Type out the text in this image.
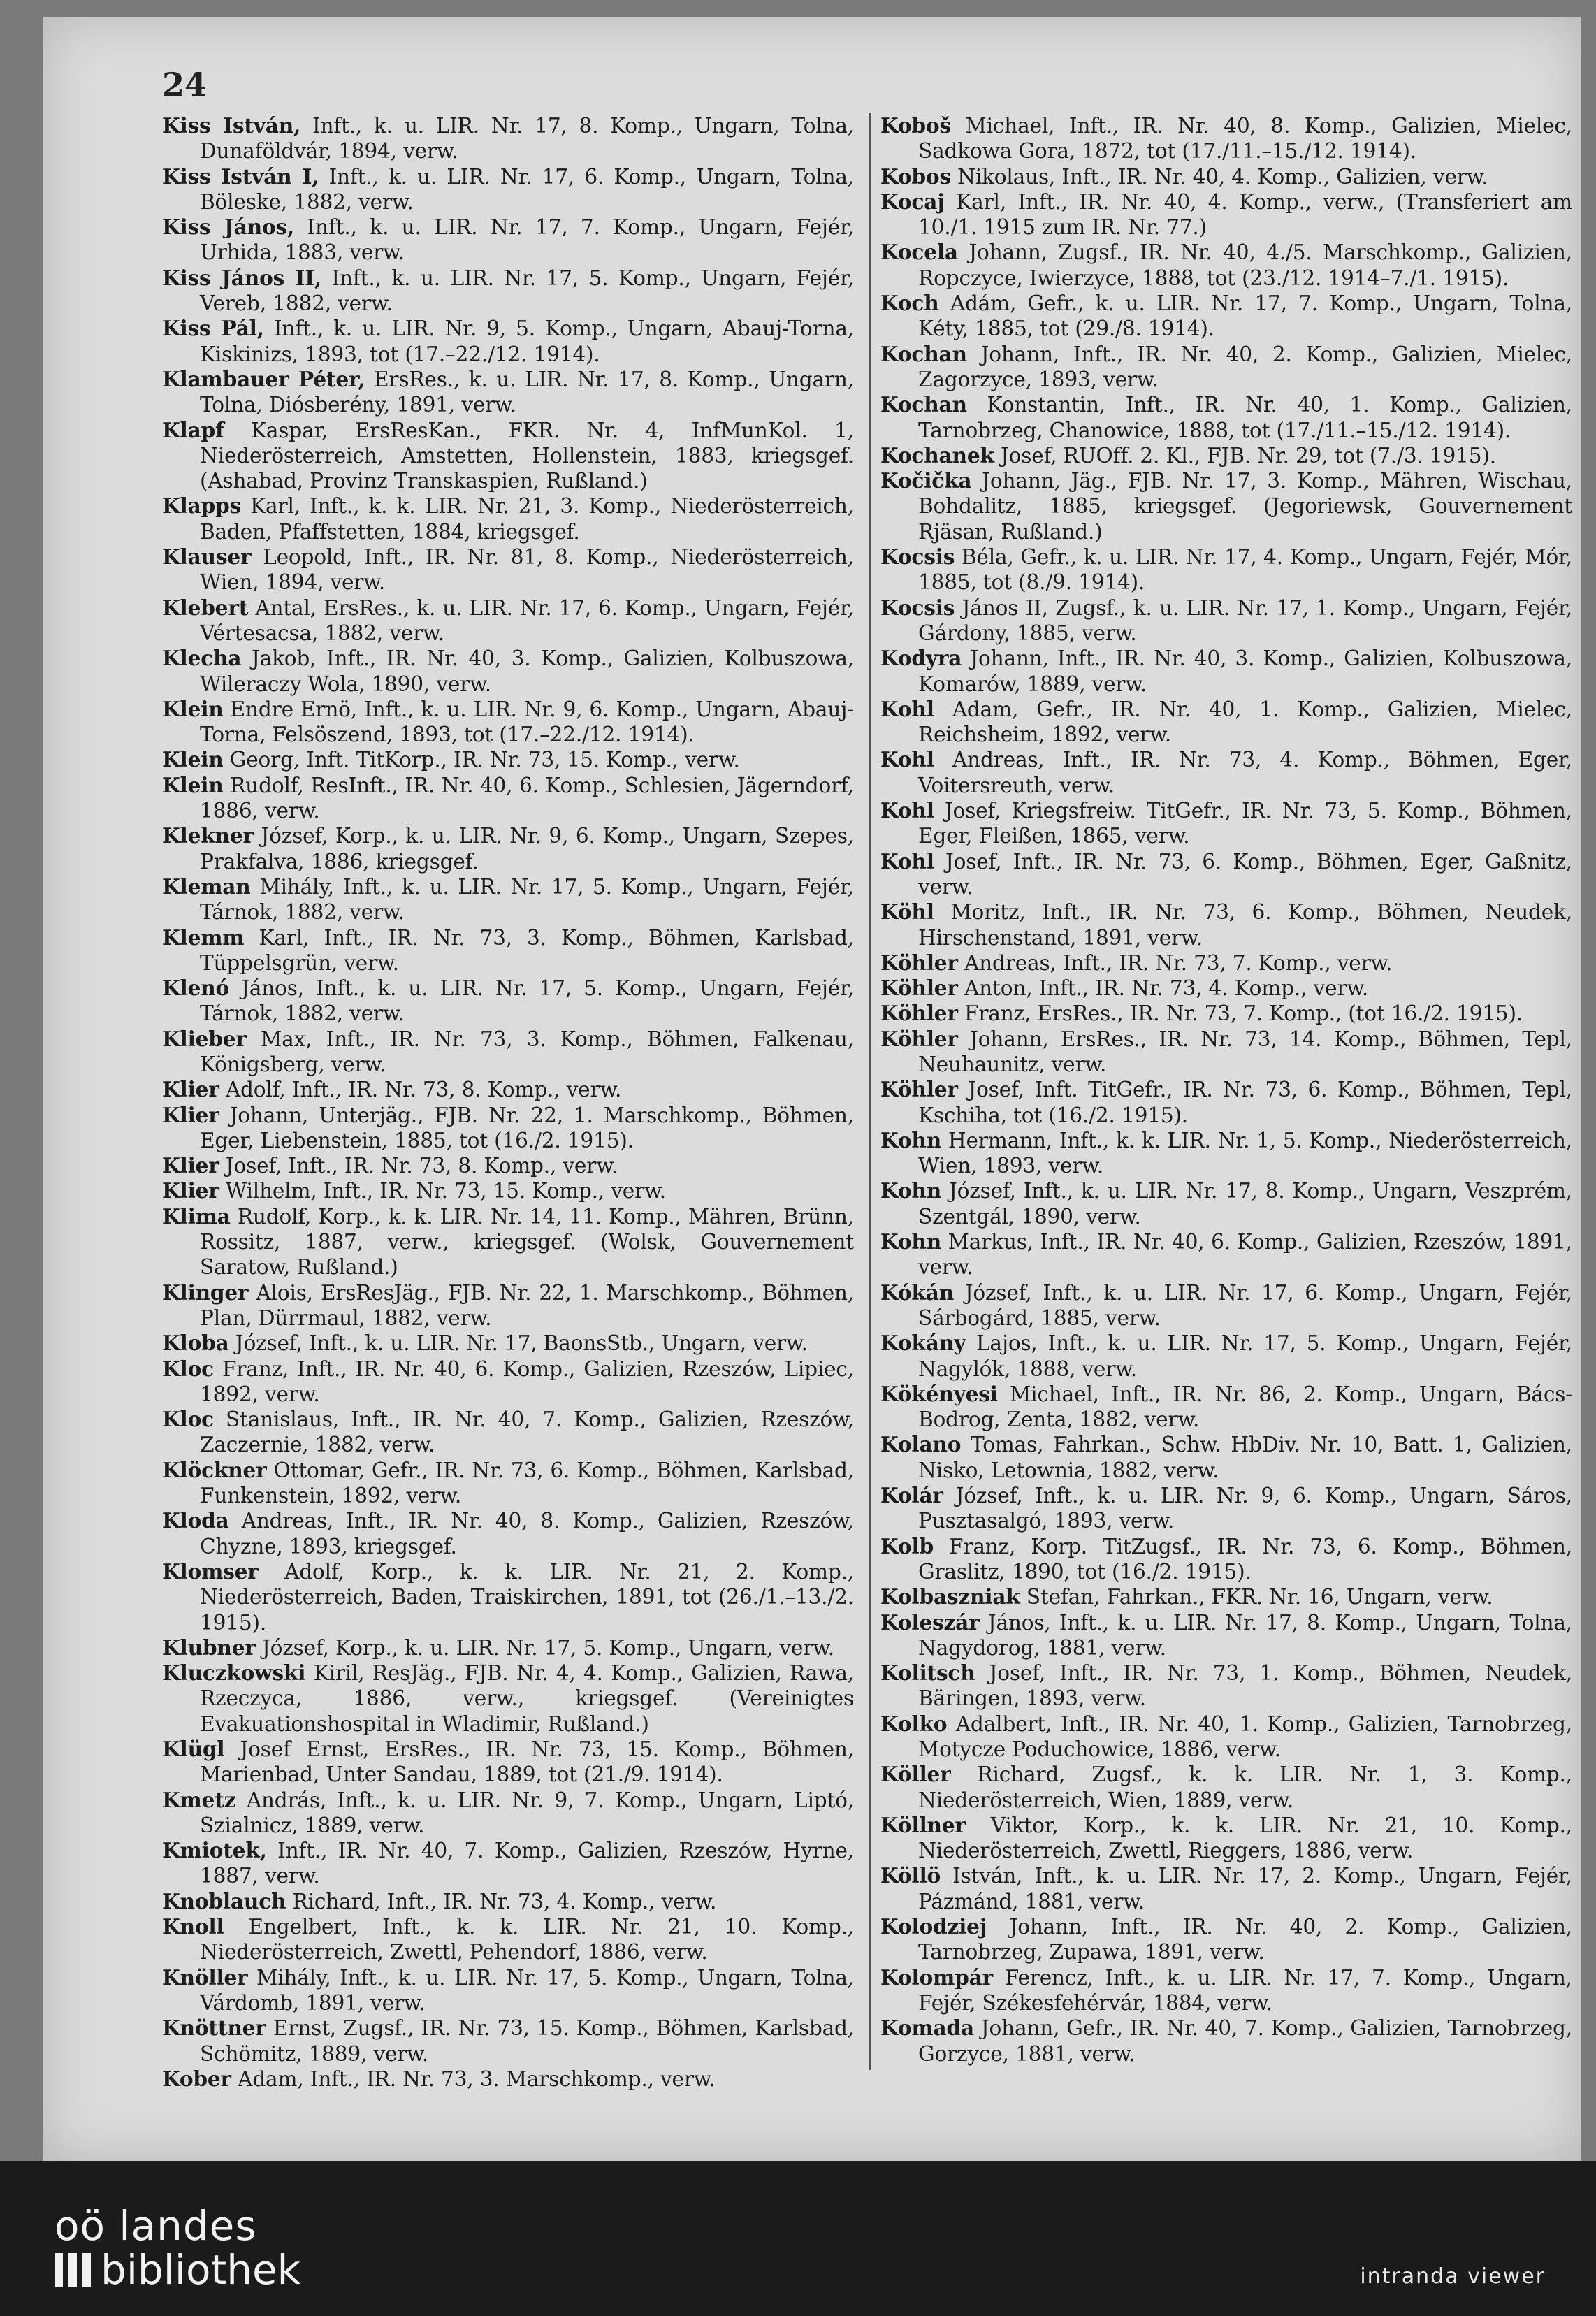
24
Kiss István, Inft., k. u. LIR. Nr. 17, 8. Komp., Ungarn, Tolna, Dunaföldvár, 1894, verw.
Kiss István I, Inft., k. u. LIR. Nr. 17, 6. Komp., Ungarn, Tolna, Böleske, 1882, verw.
Kiss János, Inft., k. u. LIR. Nr. 17, 7. Komp., Ungarn, Fejér, Urhida, 1883, verw.
Kiss János II, Inft., k. u. LIR. Nr. 17, 5. Komp., Ungarn, Fejér, Vereb, 1882, verw.
Kiss Pál, Inft., k. u. LIR. Nr. 9, 5. Komp., Ungarn, Abauj-Torna, Kiskinizs, 1893, tot (17.–22./12. 1914).
Klambauer Péter, ErsRes., k. u. LIR. Nr. 17, 8. Komp., Ungarn, Tolna, Diósberény, 1891, verw.
Klapf Kaspar, ErsResKan., FKR. Nr. 4, InfMunKol. 1, Niederösterreich, Amstetten, Hollenstein, 1883, kriegsgef. (Ashabad, Provinz Transkaspien, Rußland.)
Klapps Karl, Inft., k. k. LIR. Nr. 21, 3. Komp., Niederösterreich, Baden, Pfaffstetten, 1884, kriegsgef.
Klauser Leopold, Inft., IR. Nr. 81, 8. Komp., Niederösterreich, Wien, 1894, verw.
Klebert Antal, ErsRes., k. u. LIR. Nr. 17, 6. Komp., Ungarn, Fejér, Vértesacsa, 1882, verw.
Klecha Jakob, Inft., IR. Nr. 40, 3. Komp., Galizien, Kolbuszowa, Wileraczy Wola, 1890, verw.
Klein Endre Ernö, Inft., k. u. LIR. Nr. 9, 6. Komp., Ungarn, Abauj-Torna, Felsöszend, 1893, tot (17.–22./12. 1914).
Klein Georg, Inft. TitKorp., IR. Nr. 73, 15. Komp., verw.
Klein Rudolf, ResInft., IR. Nr. 40, 6. Komp., Schlesien, Jägerndorf, 1886, verw.
Klekner József, Korp., k. u. LIR. Nr. 9, 6. Komp., Ungarn, Szepes, Prakfalva, 1886, kriegsgef.
Kleman Mihály, Inft., k. u. LIR. Nr. 17, 5. Komp., Ungarn, Fejér, Tárnok, 1882, verw.
Klemm Karl, Inft., IR. Nr. 73, 3. Komp., Böhmen, Karlsbad, Tüppelsgrün, verw.
Klenó János, Inft., k. u. LIR. Nr. 17, 5. Komp., Ungarn, Fejér, Tárnok, 1882, verw.
Klieber Max, Inft., IR. Nr. 73, 3. Komp., Böhmen, Falkenau, Königsberg, verw.
Klier Adolf, Inft., IR. Nr. 73, 8. Komp., verw.
Klier Johann, Unterjäg., FJB. Nr. 22, 1. Marschkomp., Böhmen, Eger, Liebenstein, 1885, tot (16./2. 1915).
Klier Josef, Inft., IR. Nr. 73, 8. Komp., verw.
Klier Wilhelm, Inft., IR. Nr. 73, 15. Komp., verw.
Klima Rudolf, Korp., k. k. LIR. Nr. 14, 11. Komp., Mähren, Brünn, Rossitz, 1887, verw., kriegsgef. (Wolsk, Gouvernement Saratow, Rußland.)
Klinger Alois, ErsResJäg., FJB. Nr. 22, 1. Marschkomp., Böhmen, Plan, Dürrmaul, 1882, verw.
Kloba József, Inft., k. u. LIR. Nr. 17, BaonsStb., Ungarn, verw.
Kloc Franz, Inft., IR. Nr. 40, 6. Komp., Galizien, Rzeszów, Lipiec, 1892, verw.
Kloc Stanislaus, Inft., IR. Nr. 40, 7. Komp., Galizien, Rzeszów, Zaczernie, 1882, verw.
Klöckner Ottomar, Gefr., IR. Nr. 73, 6. Komp., Böhmen, Karlsbad, Funkenstein, 1892, verw.
Kloda Andreas, Inft., IR. Nr. 40, 8. Komp., Galizien, Rzeszów, Chyzne, 1893, kriegsgef.
Klomser Adolf, Korp., k. k. LIR. Nr. 21, 2. Komp., Niederösterreich, Baden, Traiskirchen, 1891, tot (26./1.–13./2. 1915).
Klubner József, Korp., k. u. LIR. Nr. 17, 5. Komp., Ungarn, verw.
Kluczkowski Kiril, ResJäg., FJB. Nr. 4, 4. Komp., Galizien, Rawa, Rzeczyca, 1886, verw., kriegsgef. (Vereinigtes Evakuationshospital in Wladimir, Rußland.)
Klügl Josef Ernst, ErsRes., IR. Nr. 73, 15. Komp., Böhmen, Marienbad, Unter Sandau, 1889, tot (21./9. 1914).
Kmetz András, Inft., k. u. LIR. Nr. 9, 7. Komp., Ungarn, Liptó, Szialnicz, 1889, verw.
Kmiotek, Inft., IR. Nr. 40, 7. Komp., Galizien, Rzeszów, Hyrne, 1887, verw.
Knoblauch Richard, Inft., IR. Nr. 73, 4. Komp., verw.
Knoll Engelbert, Inft., k. k. LIR. Nr. 21, 10. Komp., Niederösterreich, Zwettl, Pehendorf, 1886, verw.
Knöller Mihály, Inft., k. u. LIR. Nr. 17, 5. Komp., Ungarn, Tolna, Várdomb, 1891, verw.
Knöttner Ernst, Zugsf., IR. Nr. 73, 15. Komp., Böhmen, Karlsbad, Schömitz, 1889, verw.
Kober Adam, Inft., IR. Nr. 73, 3. Marschkomp., verw.
Koboš Michael, Inft., IR. Nr. 40, 8. Komp., Galizien, Mielec, Sadkowa Gora, 1872, tot (17./11.–15./12. 1914).
Kobos Nikolaus, Inft., IR. Nr. 40, 4. Komp., Galizien, verw.
Kocaj Karl, Inft., IR. Nr. 40, 4. Komp., verw., (Transferiert am 10./1. 1915 zum IR. Nr. 77.)
Kocela Johann, Zugsf., IR. Nr. 40, 4./5. Marschkomp., Galizien, Ropczyce, Iwierzyce, 1888, tot (23./12. 1914–7./1. 1915).
Koch Adám, Gefr., k. u. LIR. Nr. 17, 7. Komp., Ungarn, Tolna, Kéty, 1885, tot (29./8. 1914).
Kochan Johann, Inft., IR. Nr. 40, 2. Komp., Galizien, Mielec, Zagorzyce, 1893, verw.
Kochan Konstantin, Inft., IR. Nr. 40, 1. Komp., Galizien, Tarnobrzeg, Chanowice, 1888, tot (17./11.–15./12. 1914).
Kochanek Josef, RUOff. 2. Kl., FJB. Nr. 29, tot (7./3. 1915).
Kočička Johann, Jäg., FJB. Nr. 17, 3. Komp., Mähren, Wischau, Bohdalitz, 1885, kriegsgef. (Jegoriewsk, Gouvernement Rjäsan, Rußland.)
Kocsis Béla, Gefr., k. u. LIR. Nr. 17, 4. Komp., Ungarn, Fejér, Mór, 1885, tot (8./9. 1914).
Kocsis János II, Zugsf., k. u. LIR. Nr. 17, 1. Komp., Ungarn, Fejér, Gárdony, 1885, verw.
Kodyra Johann, Inft., IR. Nr. 40, 3. Komp., Galizien, Kolbuszowa, Komarów, 1889, verw.
Kohl Adam, Gefr., IR. Nr. 40, 1. Komp., Galizien, Mielec, Reichsheim, 1892, verw.
Kohl Andreas, Inft., IR. Nr. 73, 4. Komp., Böhmen, Eger, Voitersreuth, verw.
Kohl Josef, Kriegsfreiw. TitGefr., IR. Nr. 73, 5. Komp., Böhmen, Eger, Fleißen, 1865, verw.
Kohl Josef, Inft., IR. Nr. 73, 6. Komp., Böhmen, Eger, Gaßnitz, verw.
Köhl Moritz, Inft., IR. Nr. 73, 6. Komp., Böhmen, Neudek, Hirschenstand, 1891, verw.
Köhler Andreas, Inft., IR. Nr. 73, 7. Komp., verw.
Köhler Anton, Inft., IR. Nr. 73, 4. Komp., verw.
Köhler Franz, ErsRes., IR. Nr. 73, 7. Komp., (tot 16./2. 1915).
Köhler Johann, ErsRes., IR. Nr. 73, 14. Komp., Böhmen, Tepl, Neuhaunitz, verw.
Köhler Josef, Inft. TitGefr., IR. Nr. 73, 6. Komp., Böhmen, Tepl, Kschiha, tot (16./2. 1915).
Kohn Hermann, Inft., k. k. LIR. Nr. 1, 5. Komp., Niederösterreich, Wien, 1893, verw.
Kohn József, Inft., k. u. LIR. Nr. 17, 8. Komp., Ungarn, Veszprém, Szentgál, 1890, verw.
Kohn Markus, Inft., IR. Nr. 40, 6. Komp., Galizien, Rzeszów, 1891, verw.
Kókán József, Inft., k. u. LIR. Nr. 17, 6. Komp., Ungarn, Fejér, Sárbogárd, 1885, verw.
Kokány Lajos, Inft., k. u. LIR. Nr. 17, 5. Komp., Ungarn, Fejér, Nagylók, 1888, verw.
Kökényesi Michael, Inft., IR. Nr. 86, 2. Komp., Ungarn, Bács-Bodrog, Zenta, 1882, verw.
Kolano Tomas, Fahrkan., Schw. HbDiv. Nr. 10, Batt. 1, Galizien, Nisko, Letownia, 1882, verw.
Kolár József, Inft., k. u. LIR. Nr. 9, 6. Komp., Ungarn, Sáros, Pusztasalgó, 1893, verw.
Kolb Franz, Korp. TitZugsf., IR. Nr. 73, 6. Komp., Böhmen, Graslitz, 1890, tot (16./2. 1915).
Kolbaszniak Stefan, Fahrkan., FKR. Nr. 16, Ungarn, verw.
Koleszár János, Inft., k. u. LIR. Nr. 17, 8. Komp., Ungarn, Tolna, Nagydorog, 1881, verw.
Kolitsch Josef, Inft., IR. Nr. 73, 1. Komp., Böhmen, Neudek, Bäringen, 1893, verw.
Kolko Adalbert, Inft., IR. Nr. 40, 1. Komp., Galizien, Tarnobrzeg, Motycze Poduchowice, 1886, verw.
Köller Richard, Zugsf., k. k. LIR. Nr. 1, 3. Komp., Niederösterreich, Wien, 1889, verw.
Köllner Viktor, Korp., k. k. LIR. Nr. 21, 10. Komp., Niederösterreich, Zwettl, Rieggers, 1886, verw.
Köllö István, Inft., k. u. LIR. Nr. 17, 2. Komp., Ungarn, Fejér, Pázmánd, 1881, verw.
Kolodziej Johann, Inft., IR. Nr. 40, 2. Komp., Galizien, Tarnobrzeg, Zupawa, 1891, verw.
Kolompár Ferencz, Inft., k. u. LIR. Nr. 17, 7. Komp., Ungarn, Fejér, Székesfehérvár, 1884, verw.
Komada Johann, Gefr., IR. Nr. 40, 7. Komp., Galizien, Tarnobrzeg, Gorzyce, 1881, verw.
oö landes
bibliothek	intranda viewer
